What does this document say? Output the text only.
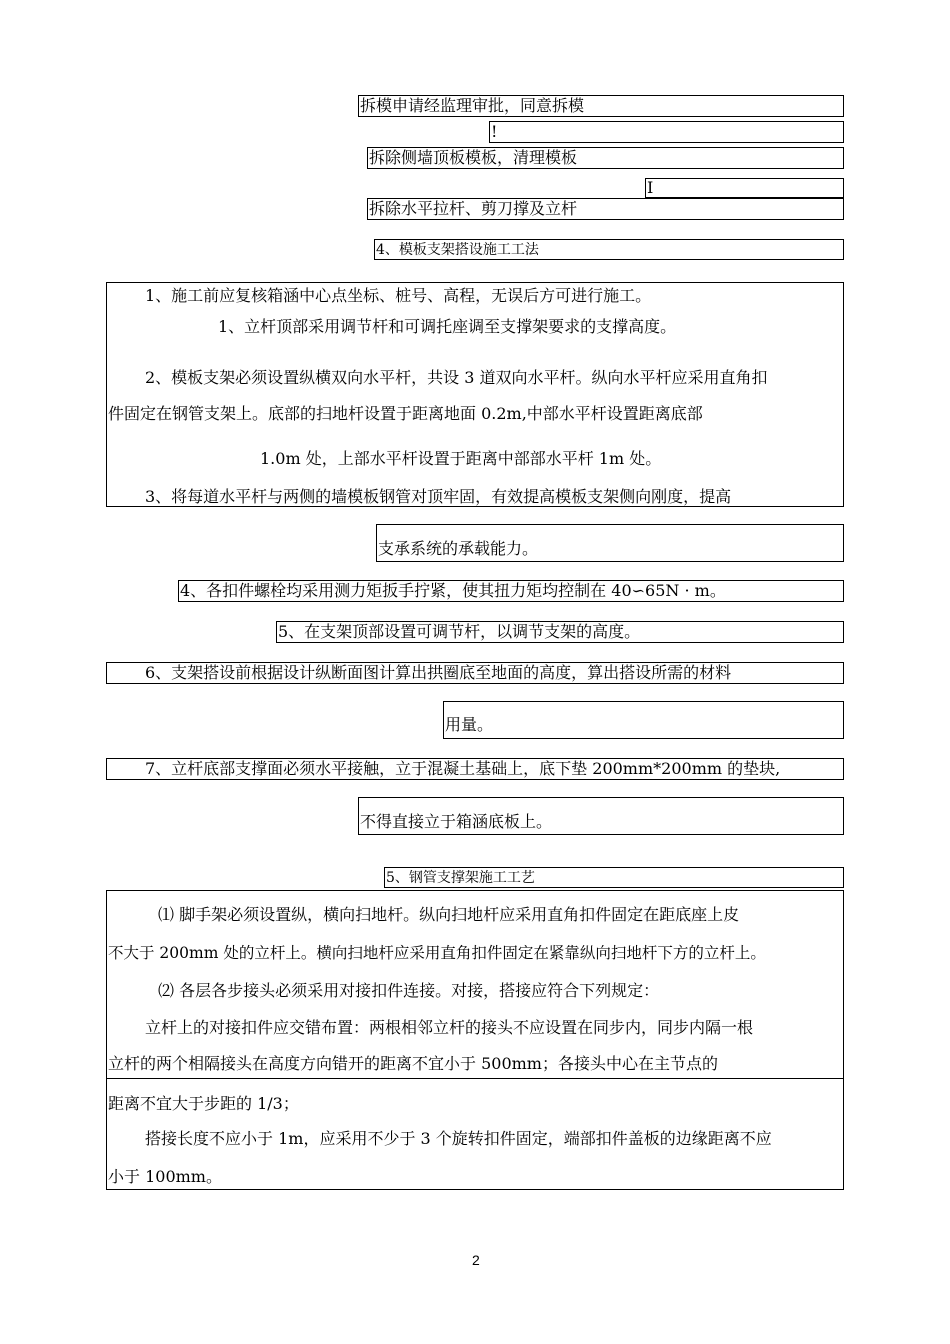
拆模申请经监理审批，同意拆模
!
拆除侧墙顶板模板，清理模板
I
拆除水平拉杆、剪刀撑及立杆
4、模板支架搭设施工工法
1、施工前应复核箱涵中心点坐标、桩号、高程，无误后方可进行施工。
1、立杆顶部采用调节杆和可调托座调至支撑架要求的支撑高度。
2、模板支架必须设置纵横双向水平杆，共设 3 道双向水平杆。纵向水平杆应采用直角扣
件固定在钢管支架上。底部的扫地杆设置于距离地面 0.2m,中部水平杆设置距离底部
1.0m 处，上部水平杆设置于距离中部部水平杆 1m 处。
3、将每道水平杆与两侧的墙模板钢管对顶牢固，有效提高模板支架侧向刚度，提高
支承系统的承载能力。
4、各扣件螺栓均采用测力矩扳手拧紧，使其扭力矩均控制在 40∽65N · m。
5、在支架顶部设置可调节杆，以调节支架的高度。
6、支架搭设前根据设计纵断面图计算出拱圈底至地面的高度，算出搭设所需的材料
用量。
7、立杆底部支撑面必须水平接触，立于混凝土基础上，底下垫 200mm*200mm 的垫块,
不得直接立于箱涵底板上。
5、钢管支撑架施工工艺
⑴ 脚手架必须设置纵，横向扫地杆。纵向扫地杆应采用直角扣件固定在距底座上皮
不大于 200mm 处的立杆上。横向扫地杆应采用直角扣件固定在紧靠纵向扫地杆下方的立杆上。
⑵ 各层各步接头必须采用对接扣件连接。对接，搭接应符合下列规定：
立杆上的对接扣件应交错布置：两根相邻立杆的接头不应设置在同步内，同步内隔一根
立杆的两个相隔接头在高度方向错开的距离不宜小于 500mm；各接头中心在主节点的
距离不宜大于步距的 1/3；
搭接长度不应小于 1m，应采用不少于 3 个旋转扣件固定，端部扣件盖板的边缘距离不应
小于 100mm。
2
